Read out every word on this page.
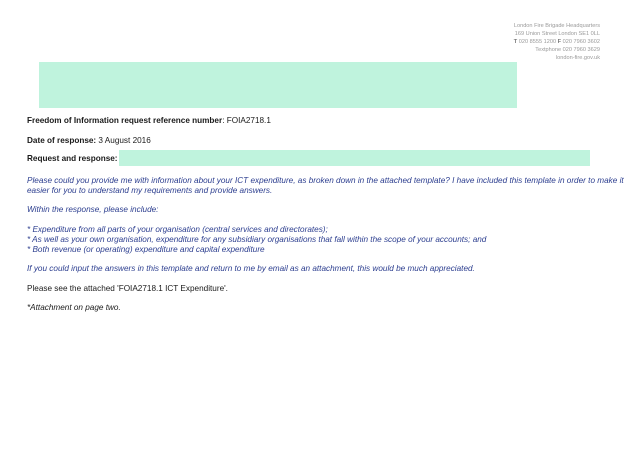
London Fire Brigade Headquarters
169 Union Street London SE1 0LL
T 020 8555 1200 F 020 7960 3602
Textphone 020 7960 3629
london-fire.gov.uk
Freedom of Information request reference number: FOIA2718.1
Date of response: 3 August 2016
Request and response:
Please could you provide me with information about your ICT expenditure, as broken down in the attached template? I have included this template in order to make it
easier for you to understand my requirements and provide answers.
Within the response, please include:
* Expenditure from all parts of your organisation (central services and directorates);
* As well as your own organisation, expenditure for any subsidiary organisations that fall within the scope of your accounts; and
* Both revenue (or operating) expenditure and capital expenditure
If you could input the answers in this template and return to me by email as an attachment, this would be much appreciated.
Please see the attached 'FOIA2718.1 ICT Expenditure'.
*Attachment on page two.
